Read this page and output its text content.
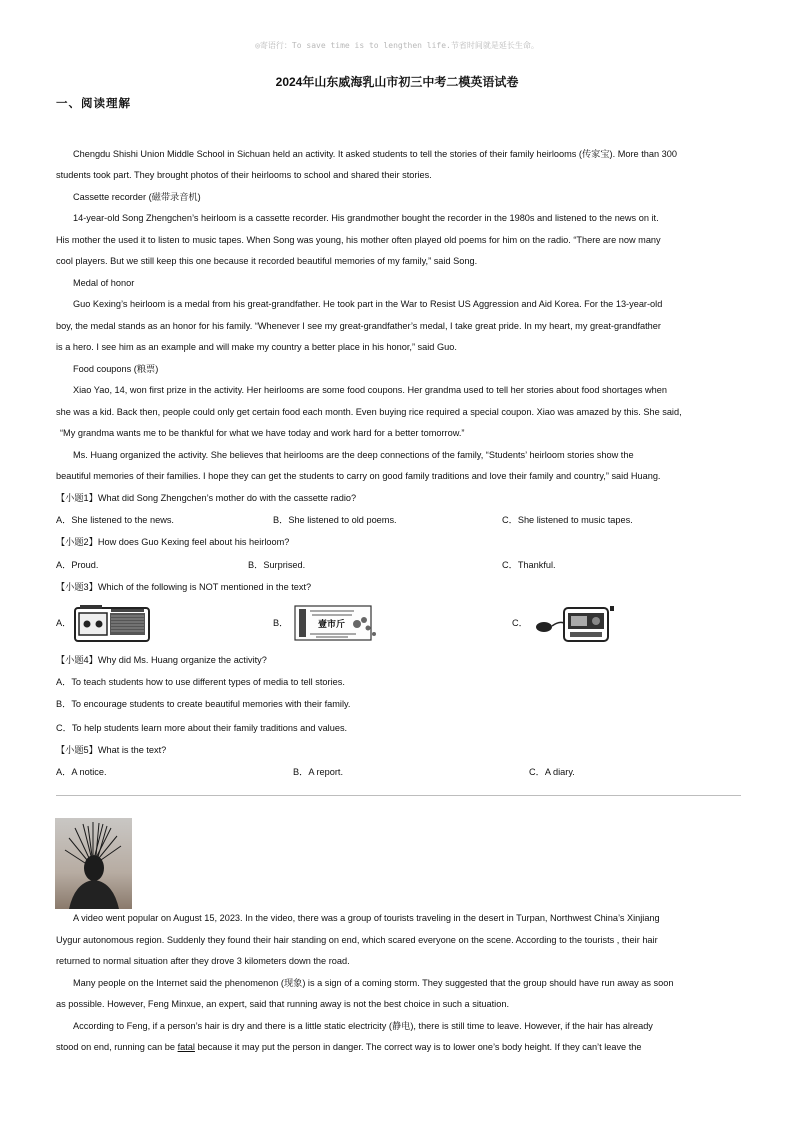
◎寄语行：To save time is to lengthen life.节省时间就是延长生命。
2024年山东威海乳山市初三中考二模英语试卷
一、阅读理解
Chengdu Shishi Union Middle School in Sichuan held an activity. It asked students to tell the stories of their family heirlooms (传家宝). More than 300
students took part. They brought photos of their heirlooms to school and shared their stories.
Cassette recorder (磁带录音机)
14-year-old Song Zhengchen’s heirloom is a cassette recorder. His grandmother bought the recorder in the 1980s and listened to the news on it.
His mother the used it to listen to music tapes. When Song was young, his mother often played old poems for him on the radio. “There are now many
cool players. But we still keep this one because it recorded beautiful memories of my family,” said Song.
Medal of honor
Guo Kexing’s heirloom is a medal from his great-grandfather. He took part in the War to Resist US Aggression and Aid Korea. For the 13-year-old
boy, the medal stands as an honor for his family. “Whenever I see my great-grandfather’s medal, I take great pride. In my heart, my great-grandfather
is a hero. I see him as an example and will make my country a better place in his honor,” said Guo.
Food coupons (粮票)
Xiao Yao, 14, won first prize in the activity. Her heirlooms are some food coupons. Her grandma used to tell her stories about food shortages when
she was a kid. Back then, people could only get certain food each month. Even buying rice required a special coupon. Xiao was amazed by this. She said,
“My grandma wants me to be thankful for what we have today and work hard for a better tomorrow.”
Ms. Huang organized the activity. She believes that heirlooms are the deep connections of the family, “Students’ heirloom stories show the
beautiful memories of their families. I hope they can get the students to carry on good family traditions and love their family and country,” said Huang.
【小题1】What did Song Zhengchen’s mother do with the cassette radio?
A．She listened to the news.	B．She listened to old poems.	C．She listened to music tapes.
【小题2】How does Guo Kexing feel about his heirloom?
A．Proud.	B．Surprised.	C．Thankful.
【小题3】Which of the following is NOT mentioned in the text?
A．	B．	C．
壹市斤
【小题4】Why did Ms. Huang organize the activity?
A．To teach students how to use different types of media to tell stories.
B．To encourage students to create beautiful memories with their family.
C．To help students learn more about their family traditions and values.
【小题5】What is the text?
A．A notice.	B．A report.	C．A diary.
A video went popular on August 15, 2023. In the video, there was a group of tourists traveling in the desert in Turpan, Northwest China’s Xinjiang
Uygur autonomous region. Suddenly they found their hair standing on end, which scared everyone on the scene. According to the tourists , their hair
returned to normal situation after they drove 3 kilometers down the road.
Many people on the Internet said the phenomenon (现象) is a sign of a coming storm. They suggested that the group should have run away as soon
as possible. However, Feng Minxue, an expert, said that running away is not the best choice in such a situation.
According to Feng, if a person’s hair is dry and there is a little static electricity (静电), there is still time to leave. However, if the hair has already
stood on end, running can be fatal because it may put the person in danger. The correct way is to lower one’s body height. If they can’t leave the
